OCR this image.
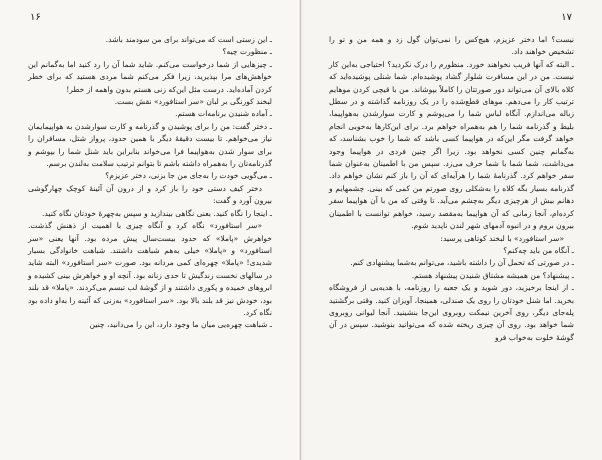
۱۶

ـ این زستی است که می‌تواند برای من سودمند باشد.

ـ منظورت چیه؟

ـ چیزهایی از شما درخواست می‌کنم. شاید شما آن را رد کنید اما به‌گمانم این خواهش‌های مرا بپذیرید، زیرا فکر می‌کنم شما مردی هستید که برای خطر کردن آماده‌اید. درست مثل این‌که زنی هستم بدون واهمه از خطر!

لبخند کورنگی بر لبان «سر استافورد» نقش بست.

ـ آماده شنیدن برنامه‌ات هستم.

ـ دختر گفت: من را برای پوشیدن و گذرنامه و کارت سوارشدن به هواپیمایمان نیاز می‌خواهم. تا بیست دقیقهٔ دیگر با همین حدود، پرواز شتل، مسافران را برای سوار شدن به‌هواپیما فرا می‌خواند بنابراین باید شنل شما را بپوشم و گذرنامه‌تان را به‌همراه داشته باشم تا بتوانم ترتیب سلامت به‌لندن برسم.

ـ می‌گویی خودت را به‌جای من جا بزنی، دختر عزیزم؟

دختر کیف دستی خود را باز کرد و از درون آن آئینهٔ کوچک چهارگوشی بیرون آورد و گفت:

ـ اینجا را نگاه کنید. بعنی نگاهی بیندازید و سپس به‌چهرهٔ خودتان نگاه کنید.

«سر استافورد» نگاه کرد و آنگاه چیزی با اهمیت از ذهنش گذشت. خواهرش «پاملا» که حدود بیست‌سال پیش مرده بود. آنها یعنی «سر استافورد» و «پاملا» خیلی به‌هم شباهت داشتند. شباهت خانوادگی بسیار شدیدی! «پاملا» چهره‌ای کمی مردانه بود. صورت «سر استافورد» البته شاید در سالهای نخست زندگیش تا حدی زنانه بود. آنچه او و خواهرش بینی کشیده و ابروهای خمیده و پکوری داشتند و از گوشهٔ لب تبسم می‌کردند. «پاملا» قد بلند بود، خودش نیز قد بلند بالا بود. «سر استافورد» به‌زنی که آئینه را به‌او داده بود نگاه کرد.

ـ شباهت چهره‌یی میان ما وجود دارد، این را می‌دانید، چنین

۱۷

نیست؟ اما دختر عزیزم، هیچ‌کس را نمی‌توان گول زد و همه من و تو را تشخیص خواهند داد.

ـ البته که آنها فریب نخواهند خورد. منظورم را درک نکردید؟ احتیاجی به‌این کار نیست. من در این مسافرت شلوار گشاد پوشیده‌ام. شما شنلی پوشیده‌اید که کلاه بالای آن می‌تواند دور صورتتان را کاملاً بپوشاند. من با قیچی کردن موهایم ترتیب کار را می‌دهم. موهای قطع‌شده را در یک روزنامه گذاشته و در سطل زباله می‌اندازم. آنگاه لباس شما را می‌پوشم و کارت سوارشدن به‌هواپیما، بلیط و گذرنامه شما را هم به‌همراه خواهم برد. برای این‌کارها به‌خوبی انجام خواهد گرفت مگر این‌که در هواپیما کسی باشد که شما را خوب بشناسد، که به‌گمانم چنین کسی نخواهد بود. زیرا اگر چنین فردی در هواپیما وجود می‌داشت، شما شما با شما حرف می‌زد. سپس من با اطمینان به‌عنوان شما سفر خواهم کرد. گذرنامهٔ شما را هرآیه‌ای که آن را باز کنم نشان خواهم داد. گذرنامه بسیار بگه کلاه را به‌شکلی روی صورتم من کمی که بینی. چشمهایم و دهانم بیش از هرچیزی دیگر به‌چشم می‌آید. تا وقتی که من با آن هواپیما سفر کرده‌ام، آنجا زمانی که آن هواپیما به‌مقصد رسید، خواهم توانست با اطمینان بیرون بروم و در انبوه آدمهای شهر لندن ناپدید شوم.

«سر استافورد» با لبخند کوتاهی پرسید:

ـ آنگاه من باید چه‌کنم؟

ـ در صورتی که تحمل آن را داشته باشید، می‌توانم به‌شما پیشنهادی کنم.

ـ پیشنهاد؟ من همیشه مشتاق شنیدن پیشنهاد هستم.

ـ از اینجا برخیزید، دور شوید و یک جعبه را روزنامه، با هدیه‌یی از فروشگاه بخرید. اما شنل خودتان را روی یک صندلی، همینجا، آویزان کنید. وقتی برگشتید پله‌جای دیگر، روی آخرین نیمکت روبروی این‌جا بنشینید. آنجا لیوانی روبروی شما خواهد بود. روی آن چیزی ریخته شده که می‌توانید بنوشید. سپس در آن گوشهٔ خلوت به‌خواب فرو
